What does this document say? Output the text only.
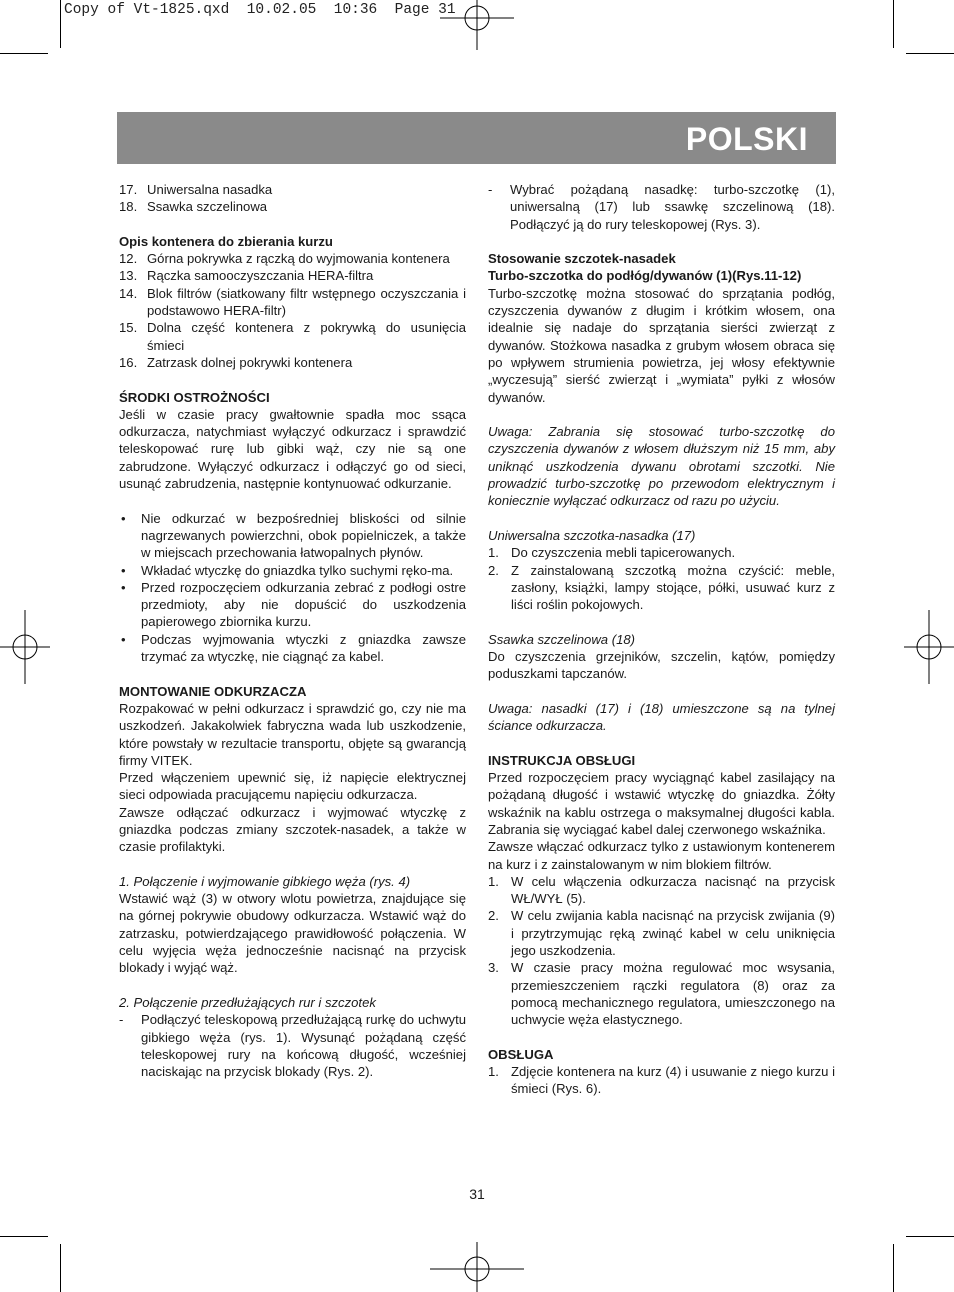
Copy of Vt-1825.qxd  10.02.05  10:36  Page 31
POLSKI
17. Uniwersalna nasadka
18. Ssawka szczelinowa

Opis kontenera do zbierania kurzu

12. Górna pokrywka z rączką do wyjmowania kontenera
13. Rączka samooczyszczania HERA-filtra
14. Blok filtrów (siatkowany filtr wstępnego oczyszczania i podstawowo HERA-filtr)
15. Dolna część kontenera z pokrywką do usunięcia śmieci
16. Zatrzask dolnej pokrywki kontenera

ŚRODKI OSTROŻNOŚCI

Jeśli w czasie pracy gwałtownie spadła moc ssąca odkurzacza, natychmiast wyłączyć odkurzacz i sprawdzić teleskopować rurę lub gibki wąż, czy nie są one zabrudzone. Wyłączyć odkurzacz i odłączyć go od sieci, usunąć zabrudzenia, następnie kontynuować odkurzanie.

• Nie odkurzać w bezpośredniej bliskości od silnie nagrzewanych powierzchni, obok popielniczek, a także w miejscach przechowania łatwopalnych płynów.
• Wkładać wtyczkę do gniazdka tylko suchymi ręko-ma.
• Przed rozpoczęciem odkurzania zebrać z podłogi ostre przedmioty, aby nie dopuścić do uszkodzenia papierowego zbiornika kurzu.
• Podczas wyjmowania wtyczki z gniazdka zawsze trzymać za wtyczkę, nie ciągnąć za kabel.

MONTOWANIE ODKURZACZA

Rozpakować w pełni odkurzacz i sprawdzić go, czy nie ma uszkodzeń. Jakakolwiek fabryczna wada lub uszkodzenie, które powstały w rezultacie transportu, objęte są gwarancją firmy VITEK.

Przed włączeniem upewnić się, iż napięcie elektrycznej sieci odpowiada pracującemu napięciu odkurzacza.

Zawsze odłączać odkurzacz i wyjmować wtyczkę z gniazdka podczas zmiany szczotek-nasadek, a także w czasie profilaktyki.

1. Połączenie i wyjmowanie gibkiego węża (rys. 4)

Wstawić wąż (3) w otwory wlotu powietrza, znajdujące się na górnej pokrywie obudowy odkurzacza. Wstawić wąż do zatrzasku, potwierdzającego prawidłowość połączenia. W celu wyjęcia węża jednocześnie nacisnąć na przycisk blokady i wyjąć wąż.

2. Połączenie przedłużających rur i szczotek

- Podłączyć teleskopową przedłużającą rurkę do uchwytu gibkiego węża (rys. 1). Wysunąć pożądaną część teleskopowej rury na końcową długość, wcześniej naciskając na przycisk blokady (Rys. 2).
- Wybrać pożądaną nasadkę: turbo-szczotkę (1), uniwersalną (17) lub ssawkę szczelinową (18). Podłączyć ją do rury teleskopowej (Rys. 3).

Stosowanie szczotek-nasadek

Turbo-szczotka do podłóg/dywanów (1)(Rys.11-12)

Turbo-szczotkę można stosować do sprzątania podłóg, czyszczenia dywanów z długim i krótkim włosem, ona idealnie się nadaje do sprzątania sierści zwierząt z dywanów. Stożkowa nasadka z grubym włosem obraca się po wpływem strumienia powietrza, jej włosy efektywnie „wyczesują” sierść zwierząt i „wymiata” pyłki z włosów dywanów.

Uwaga: Zabrania się stosować turbo-szczotkę do czyszczenia dywanów z włosem dłuższym niż 15 mm, aby uniknąć uszkodzenia dywanu obrotami szczotki. Nie prowadzić turbo-szczotkę po przewodom elektrycznym i koniecznie wyłączać odkurzacz od razu po użyciu.

Uniwersalna szczotka-nasadka (17)

1. Do czyszczenia mebli tapicerowanych.
2. Z zainstalowaną szczotką można czyścić: meble, zasłony, książki, lampy stojące, półki, usuwać kurz z liści roślin pokojowych.

Ssawka szczelinowa (18)

Do czyszczenia grzejników, szczelin, kątów, pomiędzy poduszkami tapczanów.

Uwaga: nasadki (17) i (18) umieszczone są na tylnej ściance odkurzacza.

INSTRUKCJA OBSŁUGI

Przed rozpoczęciem pracy wyciągnąć kabel zasilający na pożądaną długość i wstawić wtyczkę do gniazdka. Żółty wskaźnik na kablu ostrzega o maksymalnej długości kabla. Zabrania się wyciągać kabel dalej czerwonego wskaźnika.

Zawsze włączać odkurzacz tylko z ustawionym kontenerem na kurz i z zainstalowanym w nim blokiem filtrów.

1. W celu włączenia odkurzacza nacisnąć na przycisk WŁ/WYŁ (5).
2. W celu zwijania kabla nacisnąć na przycisk zwijania (9) i przytrzymując ręką zwinąć kabel w celu uniknięcia jego uszkodzenia.
3. W czasie pracy można regulować moc wsysania, przemieszczeniem rączki regulatora (8) oraz za pomocą mechanicznego regulatora, umieszczonego na uchwycie węża elastycznego.

OBSŁUGA

1. Zdjęcie kontenera na kurz (4) i usuwanie z niego kurzu i śmieci (Rys. 6).
31
